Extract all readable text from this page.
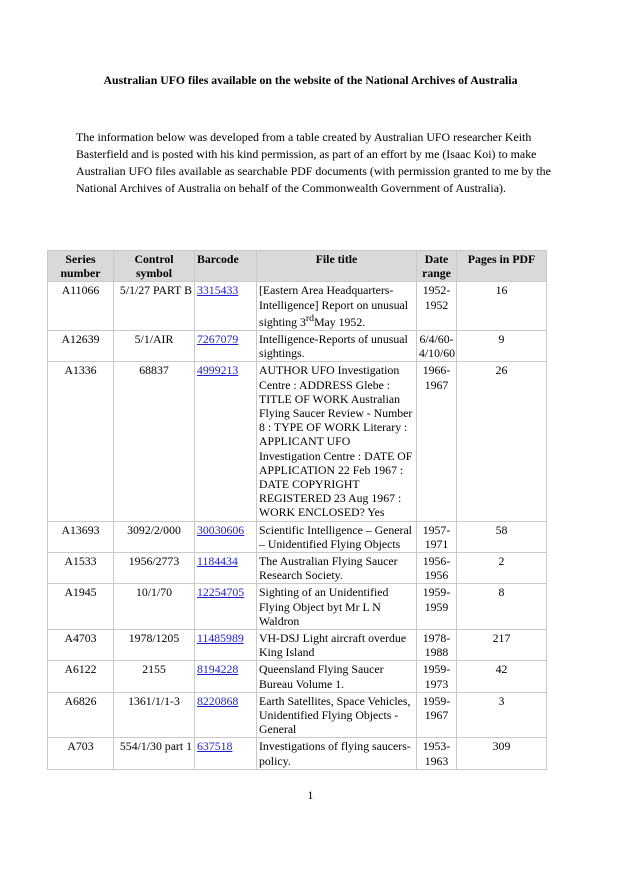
Australian UFO files available on the website of the National Archives of Australia
The information below was developed from a table created by Australian UFO researcher Keith Basterfield and is posted with his kind permission, as part of an effort by me (Isaac Koi) to make Australian UFO files available as searchable PDF documents (with permission granted to me by the National Archives of Australia on behalf of the Commonwealth Government of Australia).
Series number	Control symbol	Barcode	File title	Date range	Pages in PDF
A11066	5/1/27 PART B	3315433	[Eastern Area Headquarters-Intelligence] Report on unusual sighting 3rdMay 1952.	1952-1952	16
A12639	5/1/AIR	7267079	Intelligence-Reports of unusual sightings.	6/4/60-4/10/60	9
A1336	68837	4999213	AUTHOR UFO Investigation Centre : ADDRESS Glebe : TITLE OF WORK Australian Flying Saucer Review - Number 8 : TYPE OF WORK Literary : APPLICANT UFO Investigation Centre : DATE OF APPLICATION 22 Feb 1967 : DATE COPYRIGHT REGISTERED 23 Aug 1967 : WORK ENCLOSED? Yes	1966-1967	26
A13693	3092/2/000	30030606	Scientific Intelligence – General – Unidentified Flying Objects	1957-1971	58
A1533	1956/2773	1184434	The Australian Flying Saucer Research Society.	1956-1956	2
A1945	10/1/70	12254705	Sighting of an Unidentified Flying Object byt Mr L N Waldron	1959-1959	8
A4703	1978/1205	11485989	VH-DSJ Light aircraft overdue King Island	1978-1988	217
A6122	2155	8194228	Queensland Flying Saucer Bureau Volume 1.	1959-1973	42
A6826	1361/1/1-3	8220868	Earth Satellites, Space Vehicles, Unidentified Flying Objects - General	1959-1967	3
A703	554/1/30 part 1	637518	Investigations of flying saucers-policy.	1953-1963	309
1
